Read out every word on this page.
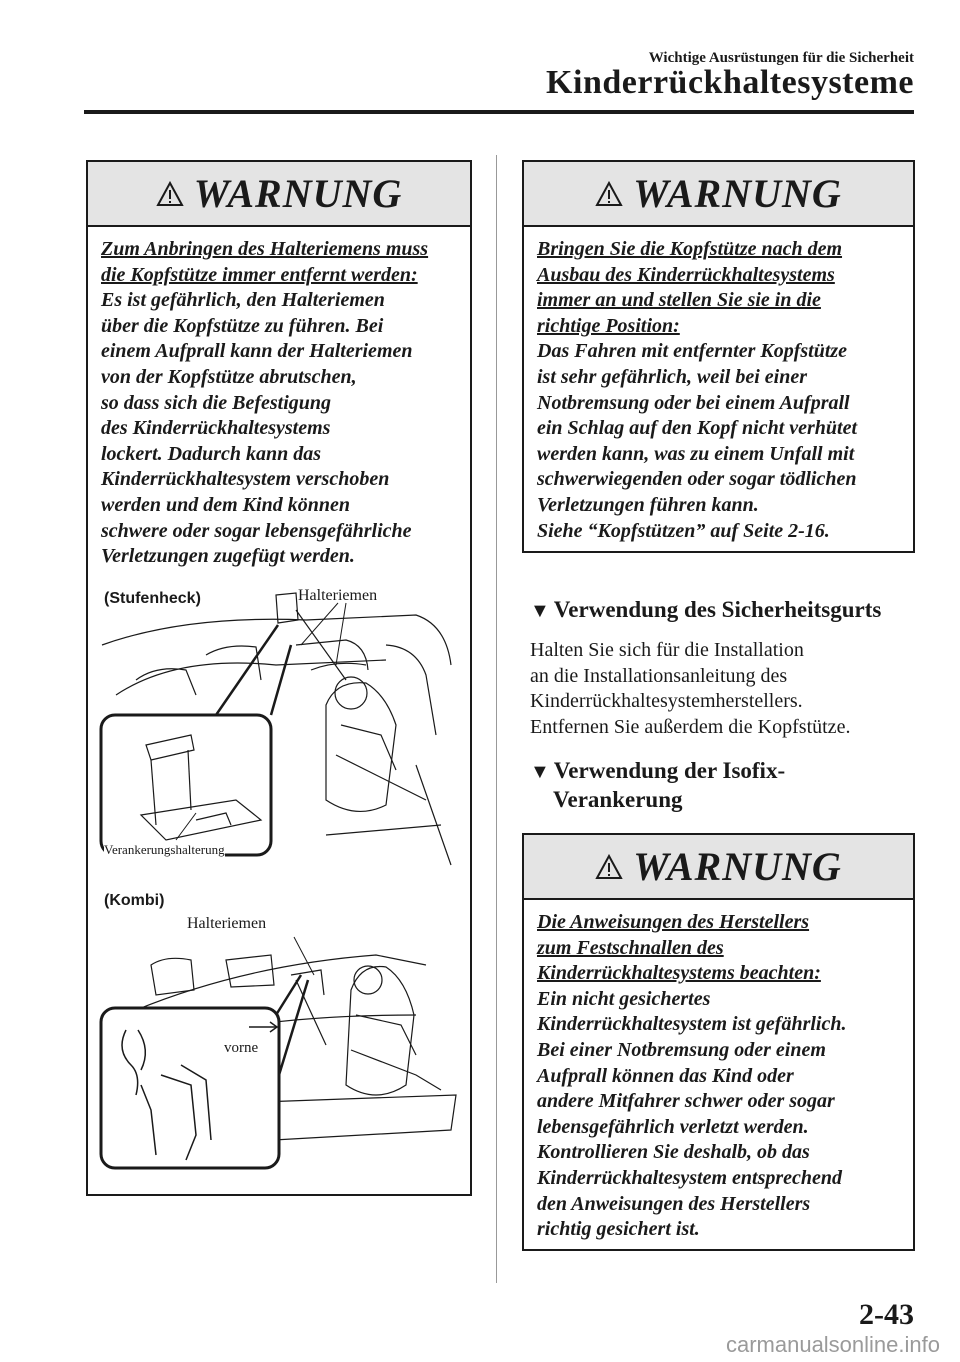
Wichtige Ausrüstungen für die Sicherheit
Kinderrückhaltesysteme
WARNUNG
Zum Anbringen des Halteriemens muss
die Kopfstütze immer entfernt werden:
Es ist gefährlich, den Halteriemen
über die Kopfstütze zu führen. Bei
einem Aufprall kann der Halteriemen
von der Kopfstütze abrutschen,
so dass sich die Befestigung
des Kinderrückhaltesystems
lockert. Dadurch kann das
Kinderrückhaltesystem verschoben
werden und dem Kind können
schwere oder sogar lebensgefährliche
Verletzungen zugefügt werden.
(Stufenheck)	Halteriemen
Verankerungshalterung
(Kombi)
Halteriemen
vorne
WARNUNG
Bringen Sie die Kopfstütze nach dem
Ausbau des Kinderrückhaltesystems
immer an und stellen Sie sie in die
richtige Position:
Das Fahren mit entfernter Kopfstütze
ist sehr gefährlich, weil bei einer
Notbremsung oder bei einem Aufprall
ein Schlag auf den Kopf nicht verhütet
werden kann, was zu einem Unfall mit
schwerwiegenden oder sogar tödlichen
Verletzungen führen kann.
Siehe “Kopfstützen” auf Seite 2-16.
▼ Verwendung des Sicherheitsgurts
Halten Sie sich für die Installation
an die Installationsanleitung des
Kinderrückhaltesystemherstellers.
Entfernen Sie außerdem die Kopfstütze.
▼ Verwendung der Isofix-
Verankerung
WARNUNG
Die Anweisungen des Herstellers
zum Festschnallen des
Kinderrückhaltesystems beachten:
Ein nicht gesichertes
Kinderrückhaltesystem ist gefährlich.
Bei einer Notbremsung oder einem
Aufprall können das Kind oder
andere Mitfahrer schwer oder sogar
lebensgefährlich verletzt werden.
Kontrollieren Sie deshalb, ob das
Kinderrückhaltesystem entsprechend
den Anweisungen des Herstellers
richtig gesichert ist.
2-43
carmanualsonline.info
